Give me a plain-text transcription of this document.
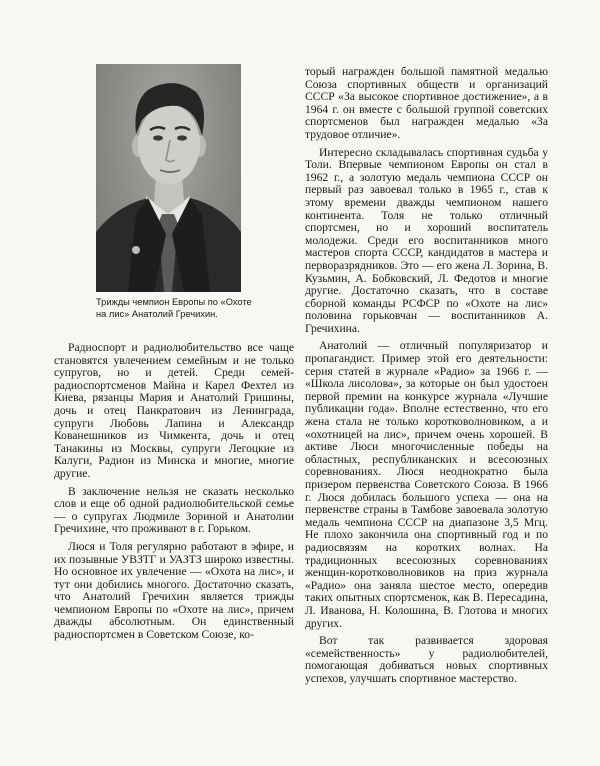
Трижды чемпион Европы по «Охоте на лис» Анатолий Гречихин.

Радиоспорт и радиолюбительство все чаще становятся увлечением семейным и не только супругов, но и детей. Среди семей-радиоспортсменов Майна и Карел Фехтел из Киева, рязанцы Мария и Анатолий Гришины, дочь и отец Панкратович из Ленинграда, супруги Любовь Лапина и Александр Кованешников из Чимкента, дочь и отец Танакины из Москвы, супруги Легоцкие из Калуги, Радион из Минска и многие, многие другие.

В заключение нельзя не сказать несколько слов и еще об одной радиолюбительской семье — о супругах Людмиле Зориной и Анатолии Гречихине, что проживают в г. Горьком.

Люся и Толя регулярно работают в эфире, и их позывные УВЗТГ и УАЗТЗ широко известны. Но основное их увлечение — «Охота на лис», и тут они добились многого. Достаточно сказать, что Анатолий Гречихин является трижды чемпионом Европы по «Охоте на лис», причем дважды абсолютным. Он единственный радиоспортсмен в Советском Союзе, ко-

торый награжден большой памятной медалью Союза спортивных обществ и организаций СССР «За высокое спортивное достижение», а в 1964 г. он вместе с большой группой советских спортсменов был награжден медалью «За трудовое отличие».

Интересно складывалась спортивная судьба у Толи. Впервые чемпионом Европы он стал в 1962 г., а золотую медаль чемпиона СССР он первый раз завоевал только в 1965 г., став к этому времени дважды чемпионом нашего континента. Толя не только отличный спортсмен, но и хороший воспитатель молодежи. Среди его воспитанников много мастеров спорта СССР, кандидатов в мастера и перворазрядников. Это — его жена Л. Зорина, В. Кузьмин, А. Бобковский, Л. Федотов и многие другие. Достаточно сказать, что в составе сборной команды РСФСР по «Охоте на лис» половина горьковчан — воспитанников А. Гречихина.

Анатолий — отличный популяризатор и пропагандист. Пример этой его деятельности: серия статей в журнале «Радио» за 1966 г. — «Школа лисолова», за которые он был удостоен первой премии на конкурсе журнала «Лучшие публикации года». Вполне естественно, что его жена стала не только коротковолновиком, а и «охотницей на лис», причем очень хорошей. В активе Люси многочисленные победы на областных, республиканских и всесоюзных соревнованиях. Люся неоднократно была призером первенства Советского Союза. В 1966 г. Люся добилась большого успеха — она на первенстве страны в Тамбове завоевала золотую медаль чемпиона СССР на диапазоне 3,5 Мгц. Не плохо закончила она спортивный год и по радиосвязям на коротких волнах. На традиционных всесоюзных соревнованиях женщин-коротковолновиков на приз журнала «Радио» она заняла шестое место, опередив таких опытных спортсменок, как В. Пересадина, Л. Иванова, Н. Колошина, В. Глотова и многих других.

Вот так развивается здоровая «семейственность» у радиолюбителей, помогающая добиваться новых спортивных успехов, улучшать спортивное мастерство.
